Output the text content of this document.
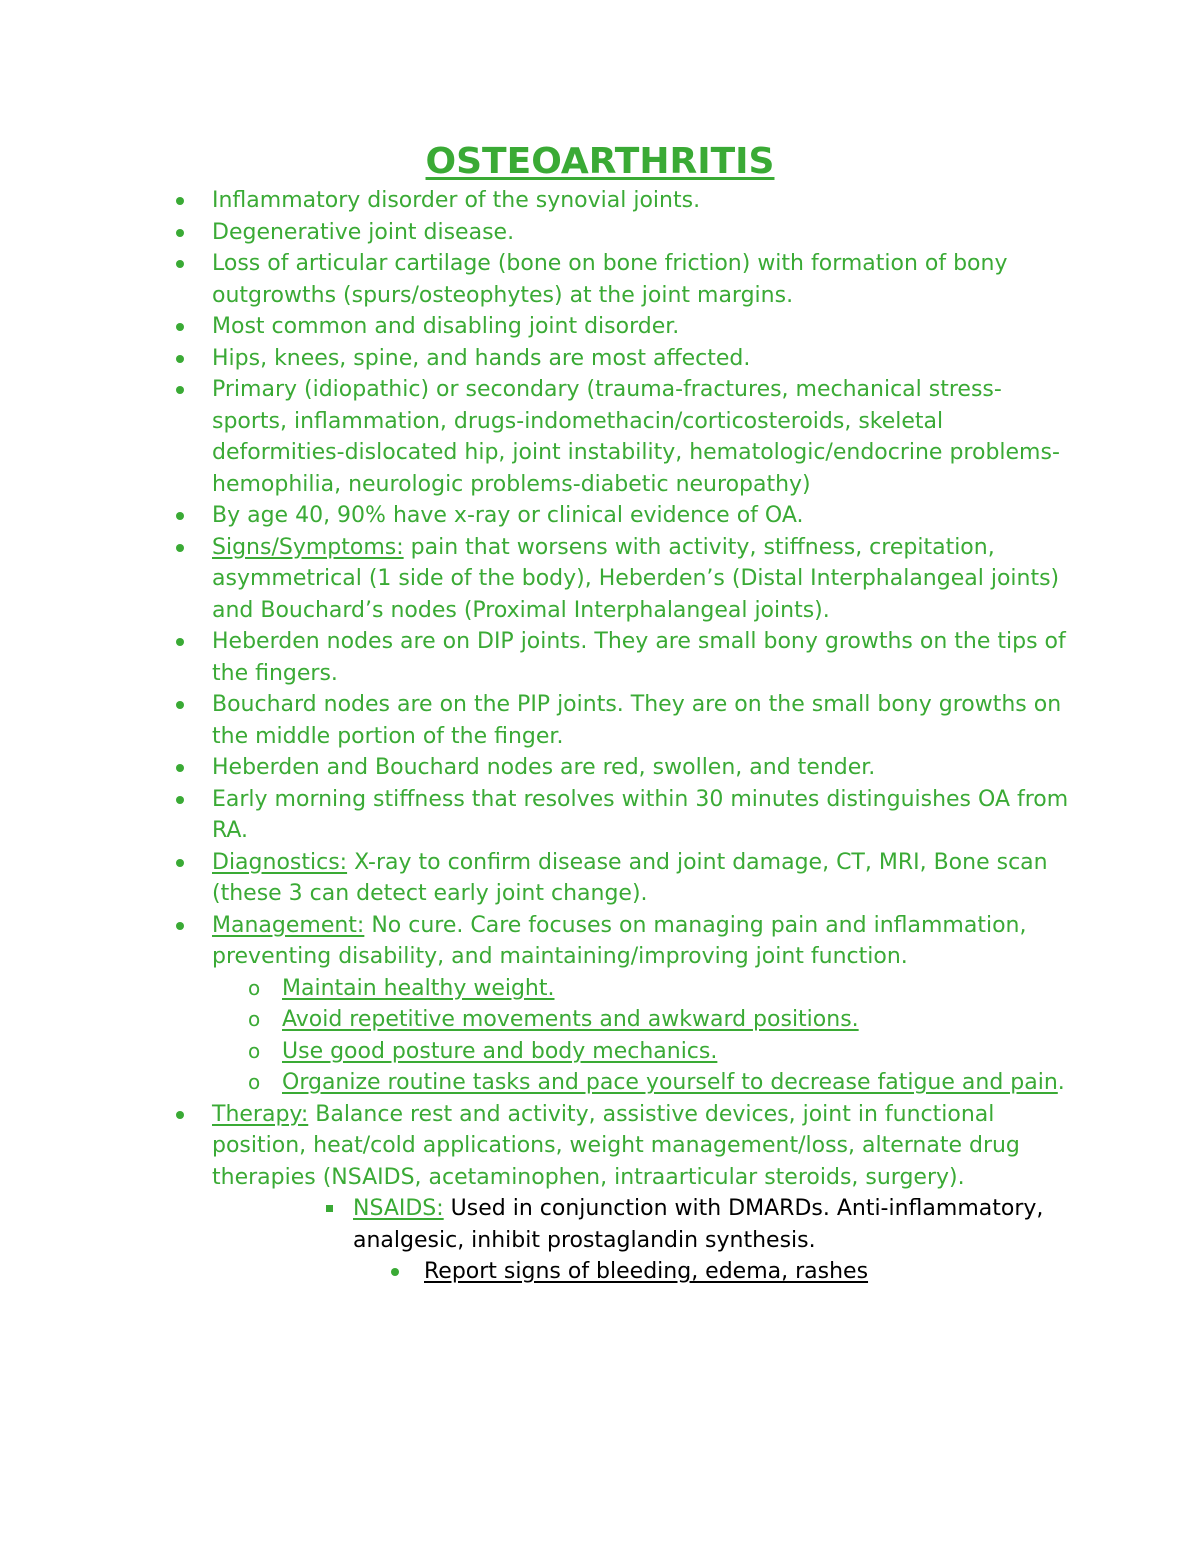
OSTEOARTHRITIS
Inflammatory disorder of the synovial joints.
Degenerative joint disease.
Loss of articular cartilage (bone on bone friction) with formation of bony outgrowths (spurs/osteophytes) at the joint margins.
Most common and disabling joint disorder.
Hips, knees, spine, and hands are most affected.
Primary (idiopathic) or secondary (trauma-fractures, mechanical stress-sports, inflammation, drugs-indomethacin/corticosteroids, skeletal deformities-dislocated hip, joint instability, hematologic/endocrine problems-hemophilia, neurologic problems-diabetic neuropathy)
By age 40, 90% have x-ray or clinical evidence of OA.
Signs/Symptoms: pain that worsens with activity, stiffness, crepitation, asymmetrical (1 side of the body), Heberden’s (Distal Interphalangeal joints) and Bouchard’s nodes (Proximal Interphalangeal joints).
Heberden nodes are on DIP joints. They are small bony growths on the tips of the fingers.
Bouchard nodes are on the PIP joints. They are on the small bony growths on the middle portion of the finger.
Heberden and Bouchard nodes are red, swollen, and tender.
Early morning stiffness that resolves within 30 minutes distinguishes OA from RA.
Diagnostics: X-ray to confirm disease and joint damage, CT, MRI, Bone scan (these 3 can detect early joint change).
Management: No cure. Care focuses on managing pain and inflammation, preventing disability, and maintaining/improving joint function.
o Maintain healthy weight.
o Avoid repetitive movements and awkward positions.
o Use good posture and body mechanics.
o Organize routine tasks and pace yourself to decrease fatigue and pain.
Therapy: Balance rest and activity, assistive devices, joint in functional position, heat/cold applications, weight management/loss, alternate drug therapies (NSAIDS, acetaminophen, intraarticular steroids, surgery).
NSAIDS: Used in conjunction with DMARDs. Anti-inflammatory, analgesic, inhibit prostaglandin synthesis.
Report signs of bleeding, edema, rashes
